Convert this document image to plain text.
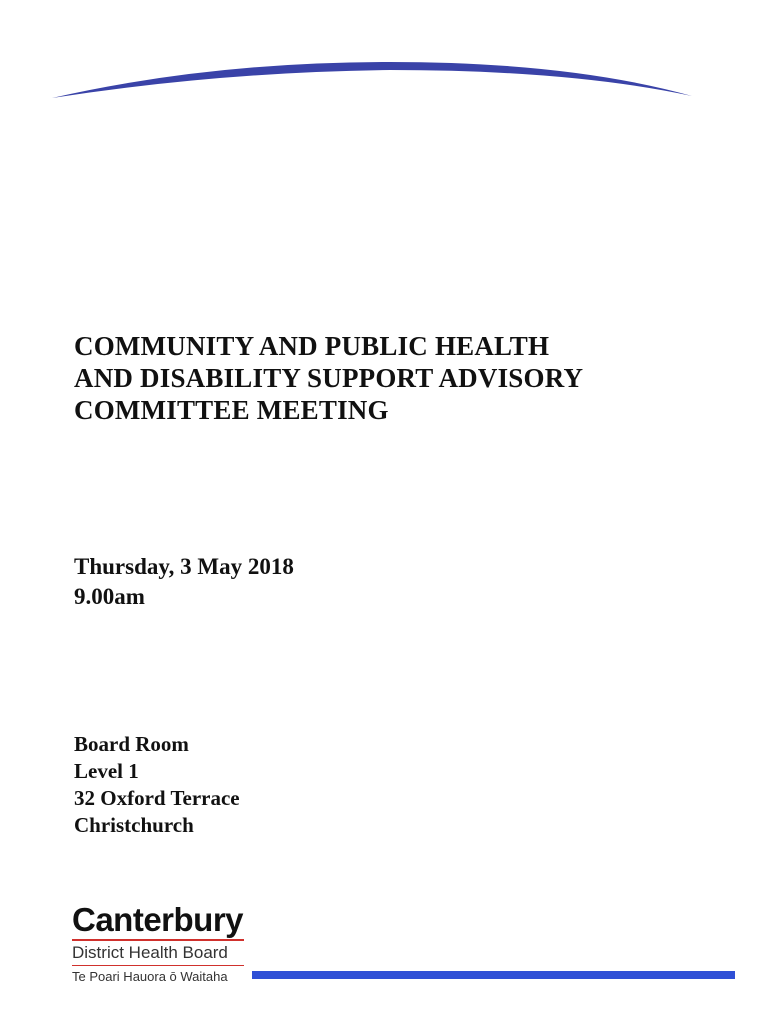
COMMUNITY AND PUBLIC HEALTH
AND DISABILITY SUPPORT ADVISORY
COMMITTEE MEETING
Thursday, 3 May 2018
9.00am
Board Room
Level 1
32 Oxford Terrace
Christchurch
Canterbury
District Health Board
Te Poari Hauora ō Waitaha
